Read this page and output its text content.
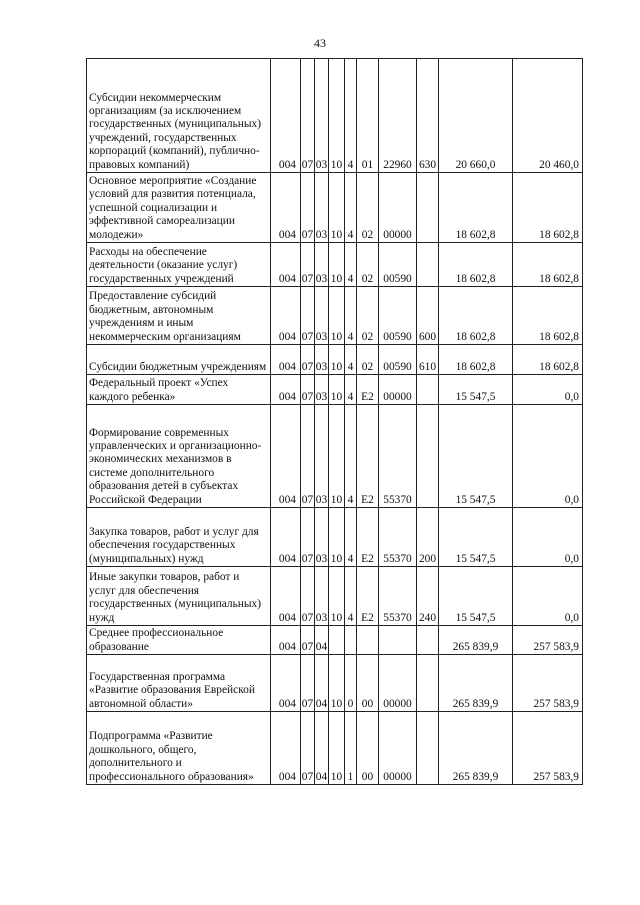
43
Субсидии некоммерческим организациям (за исключением государственных (муниципальных) учреждений, государственных корпораций (компаний), публично-правовых компаний)	004	07	03	10	4	01	22960	630	20 660,0	20 460,0
Основное мероприятие «Создание условий для развития потенциала, успешной социализации и эффективной самореализации молодежи»	004	07	03	10	4	02	00000		18 602,8	18 602,8
Расходы на обеспечение деятельности (оказание услуг) государственных учреждений	004	07	03	10	4	02	00590		18 602,8	18 602,8
Предоставление субсидий бюджетным, автономным учреждениям и иным некоммерческим организациям	004	07	03	10	4	02	00590	600	18 602,8	18 602,8
Субсидии бюджетным учреждениям	004	07	03	10	4	02	00590	610	18 602,8	18 602,8
Федеральный проект «Успех каждого ребенка»	004	07	03	10	4	E2	00000		15 547,5	0,0
Формирование современных управленческих и организационно-экономических механизмов в системе дополнительного образования детей в субъектах Российской Федерации	004	07	03	10	4	E2	55370		15 547,5	0,0
Закупка товаров, работ и услуг для обеспечения государственных (муниципальных) нужд	004	07	03	10	4	E2	55370	200	15 547,5	0,0
Иные закупки товаров, работ и услуг для обеспечения государственных (муниципальных) нужд	004	07	03	10	4	E2	55370	240	15 547,5	0,0
Среднее профессиональное образование	004	07	04						265 839,9	257 583,9
Государственная программа «Развитие образования Еврейской автономной области»	004	07	04	10	0	00	00000		265 839,9	257 583,9
Подпрограмма «Развитие дошкольного, общего, дополнительного и профессионального образования»	004	07	04	10	1	00	00000		265 839,9	257 583,9
